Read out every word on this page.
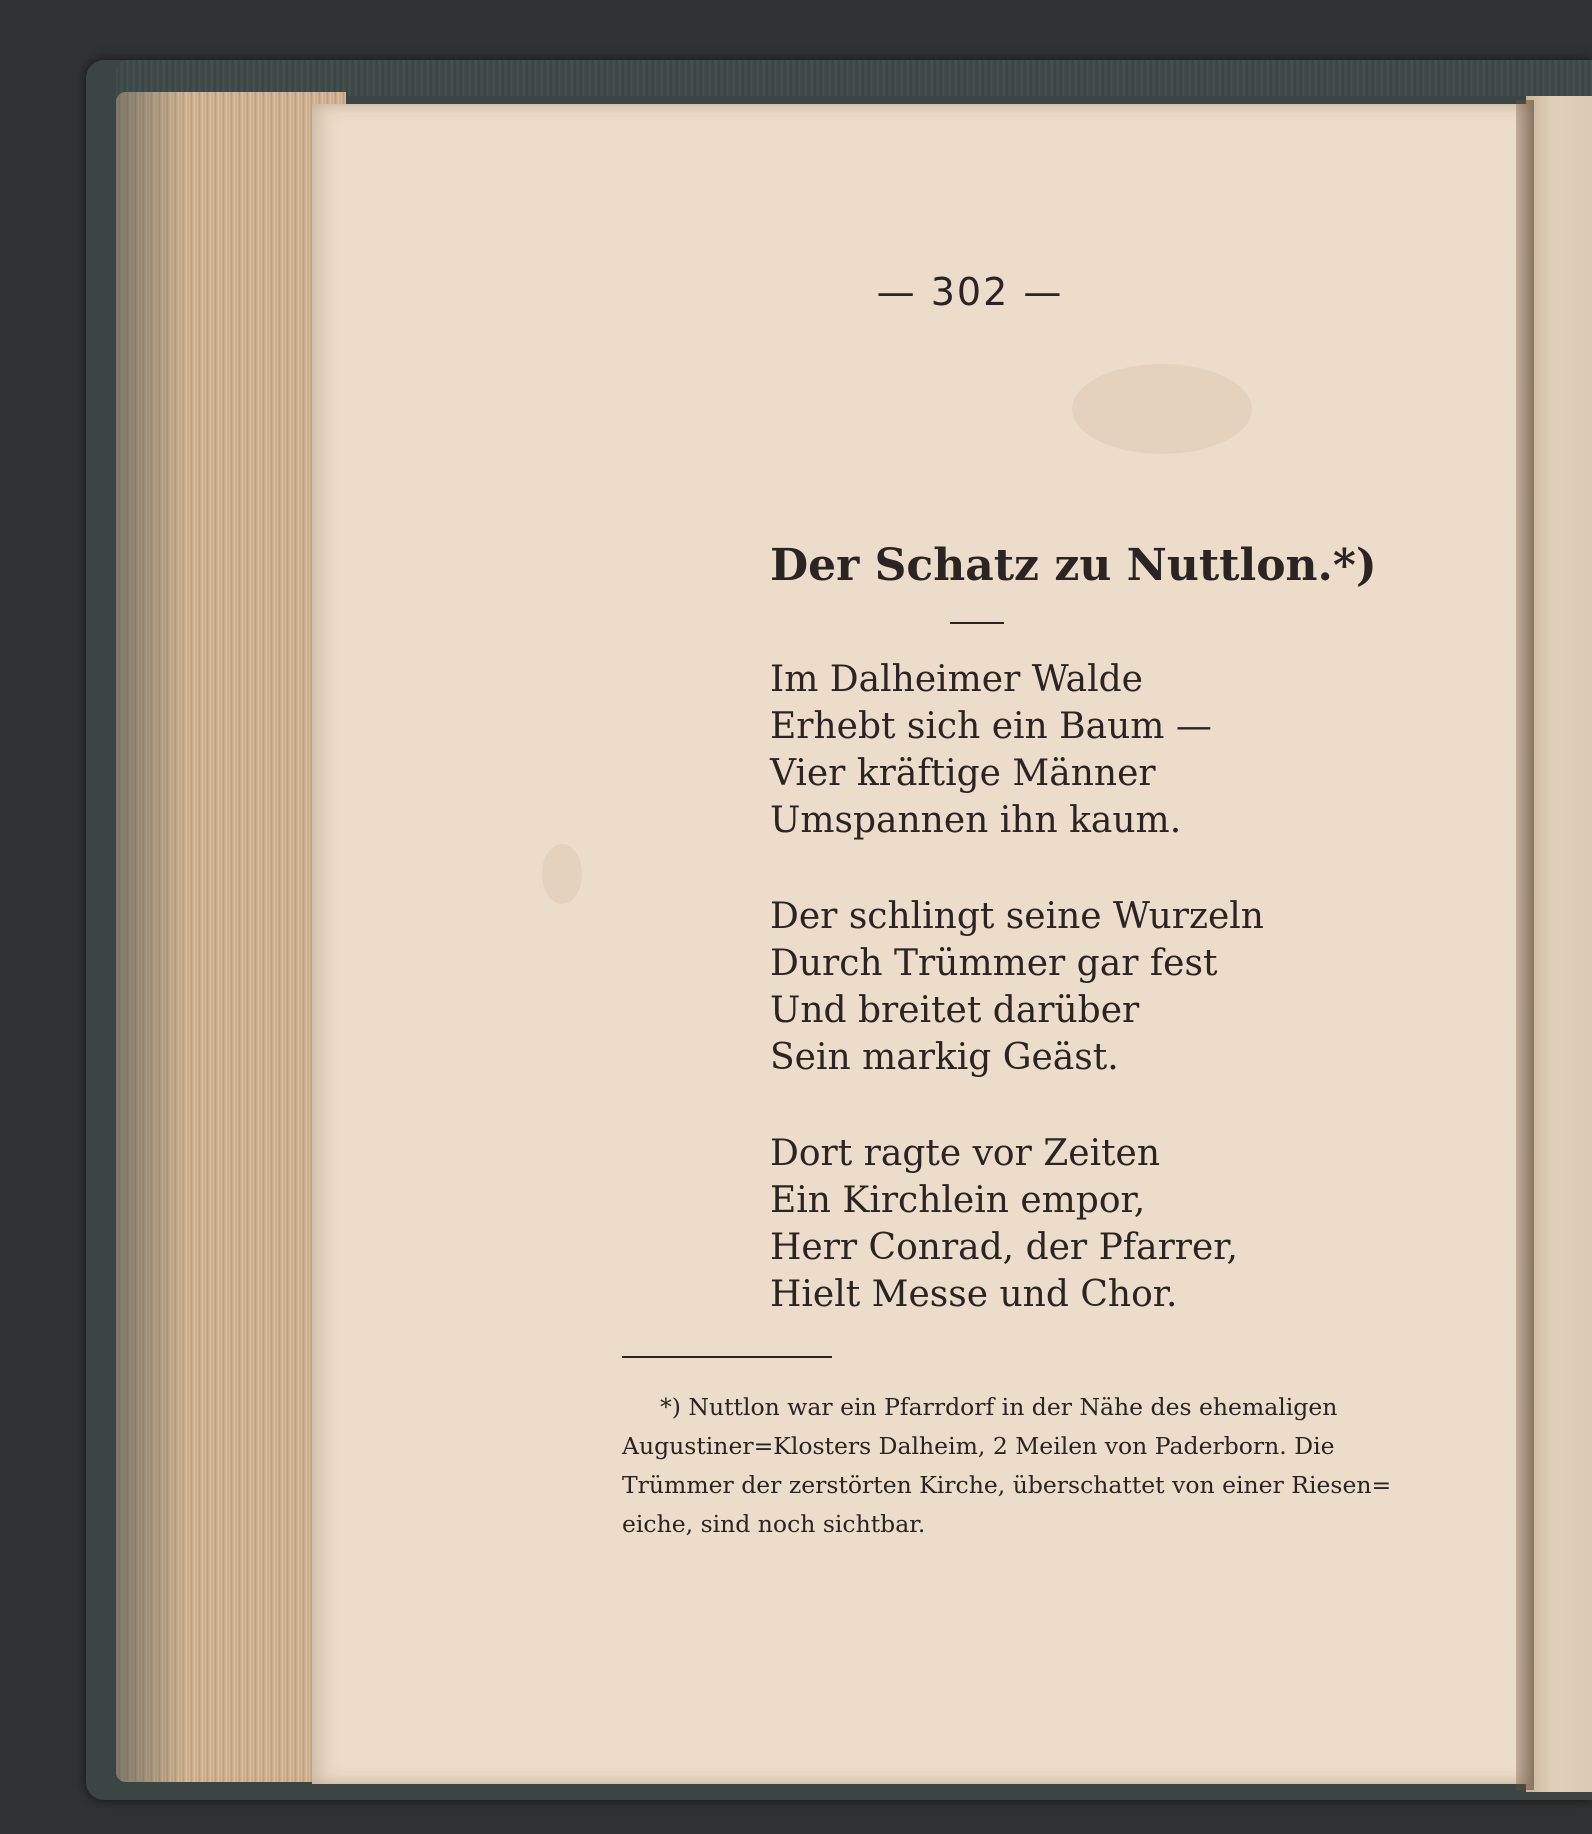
— 302 —
Der Schatz zu Nuttlon.*)
Im Dalheimer Walde
Erhebt sich ein Baum —
Vier kräftige Männer
Umspannen ihn kaum.
Der schlingt seine Wurzeln
Durch Trümmer gar fest
Und breitet darüber
Sein markig Geäst.
Dort ragte vor Zeiten
Ein Kirchlein empor,
Herr Conrad, der Pfarrer,
Hielt Messe und Chor.
*) Nuttlon war ein Pfarrdorf in der Nähe des ehemaligen
Augustiner=Klosters Dalheim, 2 Meilen von Paderborn. Die
Trümmer der zerstörten Kirche, überschattet von einer Riesen=
eiche, sind noch sichtbar.
